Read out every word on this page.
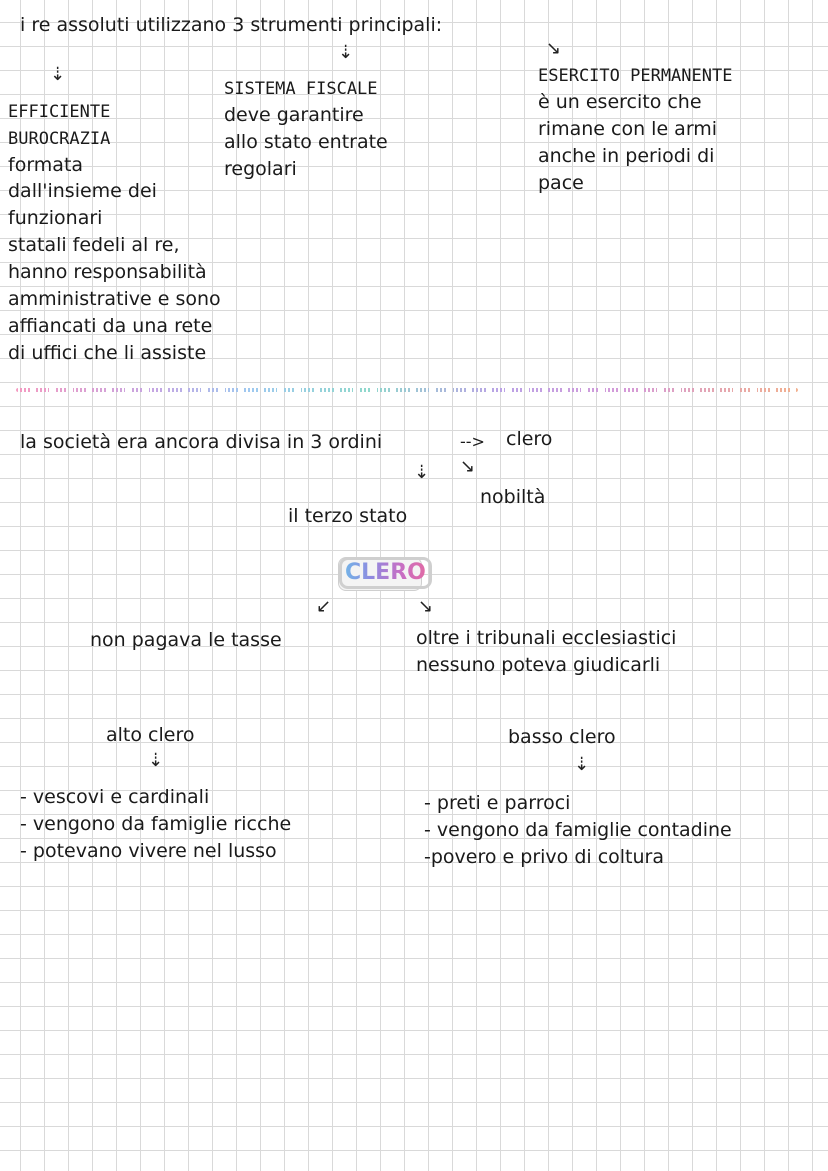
i re assoluti utilizzano 3 strumenti principali:
⇣	↘
⇣
EFFICIENTE
BUROCRAZIA
formata
dall'insieme dei
funzionari
statali fedeli al re,
hanno responsabilità
amministrative e sono
affiancati da una rete
di uffici che li assiste
SISTEMA FISCALE
deve garantire
allo stato entrate
regolari
ESERCITO PERMANENTE
è un esercito che
rimane con le armi
anche in periodi di
pace
la società era ancora divisa in 3 ordini	--> clero
⇣ ↘
nobiltà
il terzo stato
CLERO
↙	↘
non pagava le tasse	oltre i tribunali ecclesiastici
nessuno poteva giudicarli
alto clero
⇣
- vescovi e cardinali
- vengono da famiglie ricche
- potevano vivere nel lusso
basso clero
⇣
- preti e parroci
- vengono da famiglie contadine
-povero e privo di coltura
